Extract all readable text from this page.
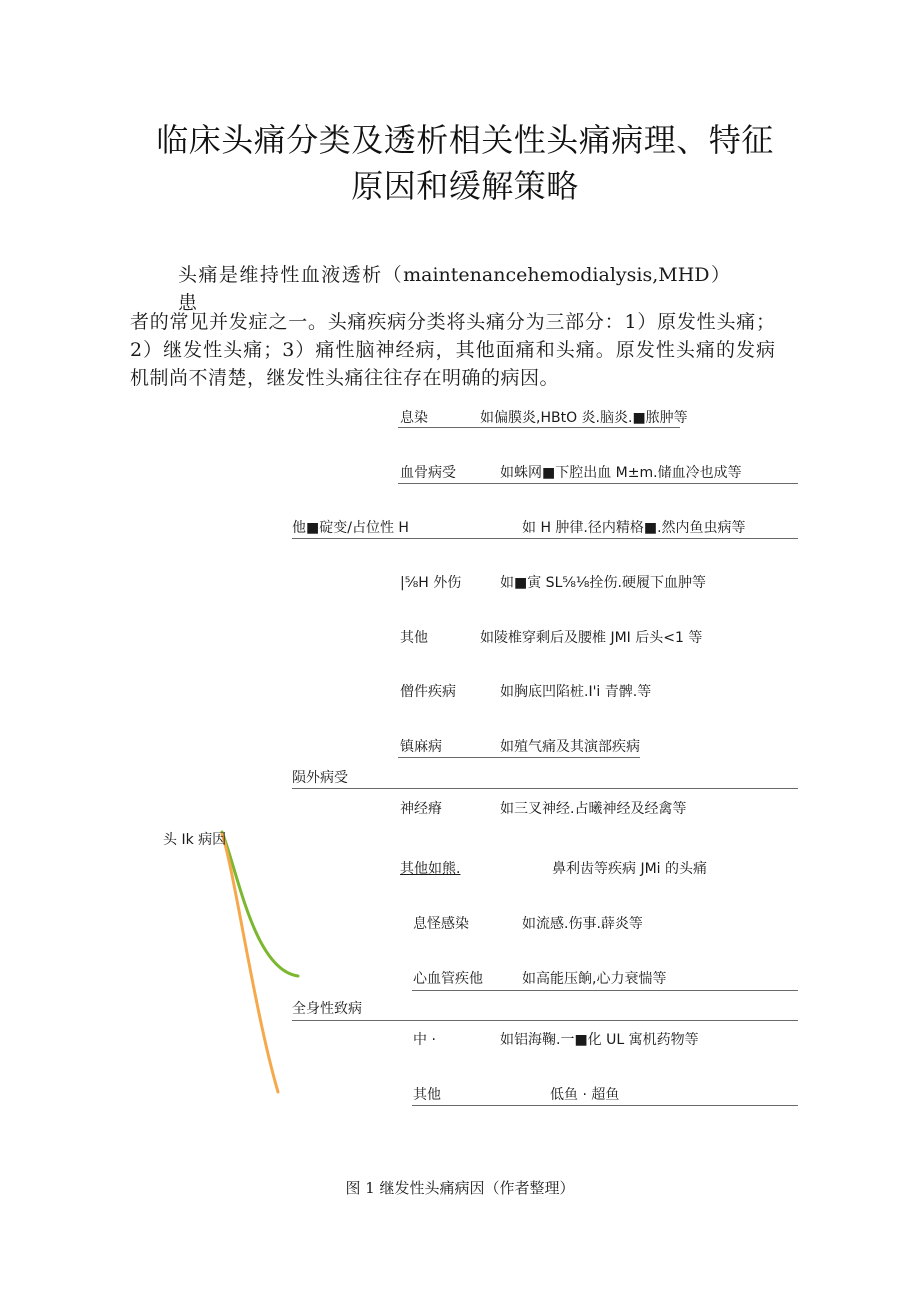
临床头痛分类及透析相关性头痛病理、特征
原因和缓解策略
头痛是维持性血液透析（maintenancehemodialysis,MHD）患
者的常见并发症之一。头痛疾病分类将头痛分为三部分：1）原发性头痛；
2）继发性头痛；3）痛性脑神经病，其他面痛和头痛。原发性头痛的发病
机制尚不清楚，继发性头痛往往存在明确的病因。
头 Ik 病因
息染	如偏膜炎,HBtO 炎.脑炎.■脓肿等
血骨病受	如蛛网■下腔出血 M±m.储血冷也成等
他■碇变/占位性 H	如 H 肿律.径内精格■.然内鱼虫病等
|⅝H 外伤	如■寅 SL⅝⅛拴伤.硬履下血肿等
其他	如陵椎穿剩后及腰椎 JMI 后头<1 等
僧件疾病	如胸底凹陷桩.I'i 青髀.等
镇麻病	如殖气痛及其演部疾病
陨外病受
神经瘠	如三叉神经.占曦神经及经禽等
其他如熊.	鼻利齿等疾病 JMi 的头痛
息怪感染	如流感.伤事.薜炎等
心血管疾他	如高能压餉,心力衰惴等
全身性致病
中 ·	如铝海鞠.一■化 UL 寓机药物等
其他	低鱼 · 超鱼
图 1 继发性头痛病因（作者整理）
